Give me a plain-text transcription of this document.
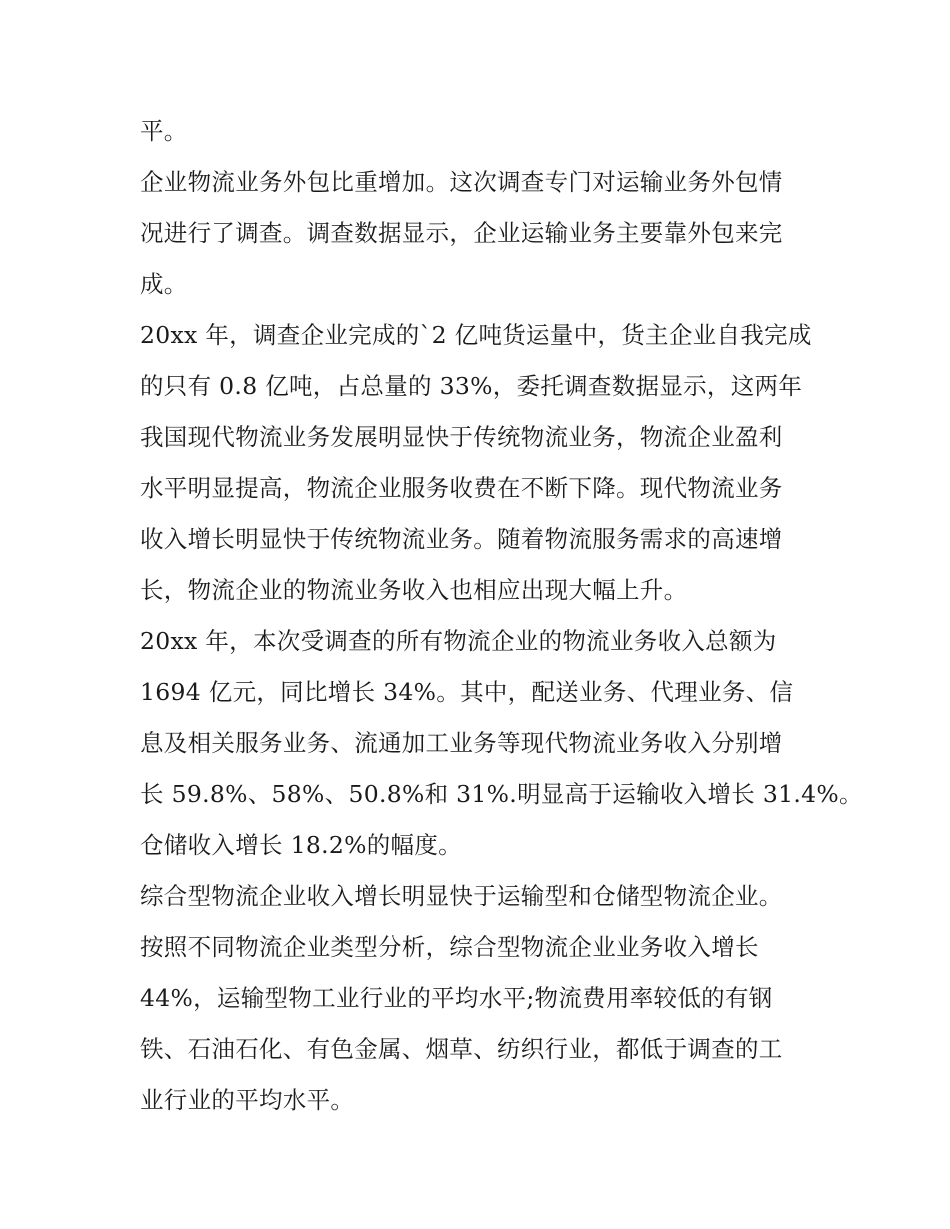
平。
企业物流业务外包比重增加。这次调查专门对运输业务外包情
况进行了调查。调查数据显示，企业运输业务主要靠外包来完
成。
20xx 年，调查企业完成的`2 亿吨货运量中，货主企业自我完成
的只有 0.8 亿吨，占总量的 33%，委托调查数据显示，这两年
我国现代物流业务发展明显快于传统物流业务，物流企业盈利
水平明显提高，物流企业服务收费在不断下降。现代物流业务
收入增长明显快于传统物流业务。随着物流服务需求的高速增
长，物流企业的物流业务收入也相应出现大幅上升。
20xx 年，本次受调查的所有物流企业的物流业务收入总额为
1694 亿元，同比增长 34%。其中，配送业务、代理业务、信
息及相关服务业务、流通加工业务等现代物流业务收入分别增
长 59.8%、58%、50.8%和 31%.明显高于运输收入增长 31.4%。
仓储收入增长 18.2%的幅度。
综合型物流企业收入增长明显快于运输型和仓储型物流企业。
按照不同物流企业类型分析，综合型物流企业业务收入增长
44%，运输型物工业行业的平均水平;物流费用率较低的有钢
铁、石油石化、有色金属、烟草、纺织行业，都低于调查的工
业行业的平均水平。
